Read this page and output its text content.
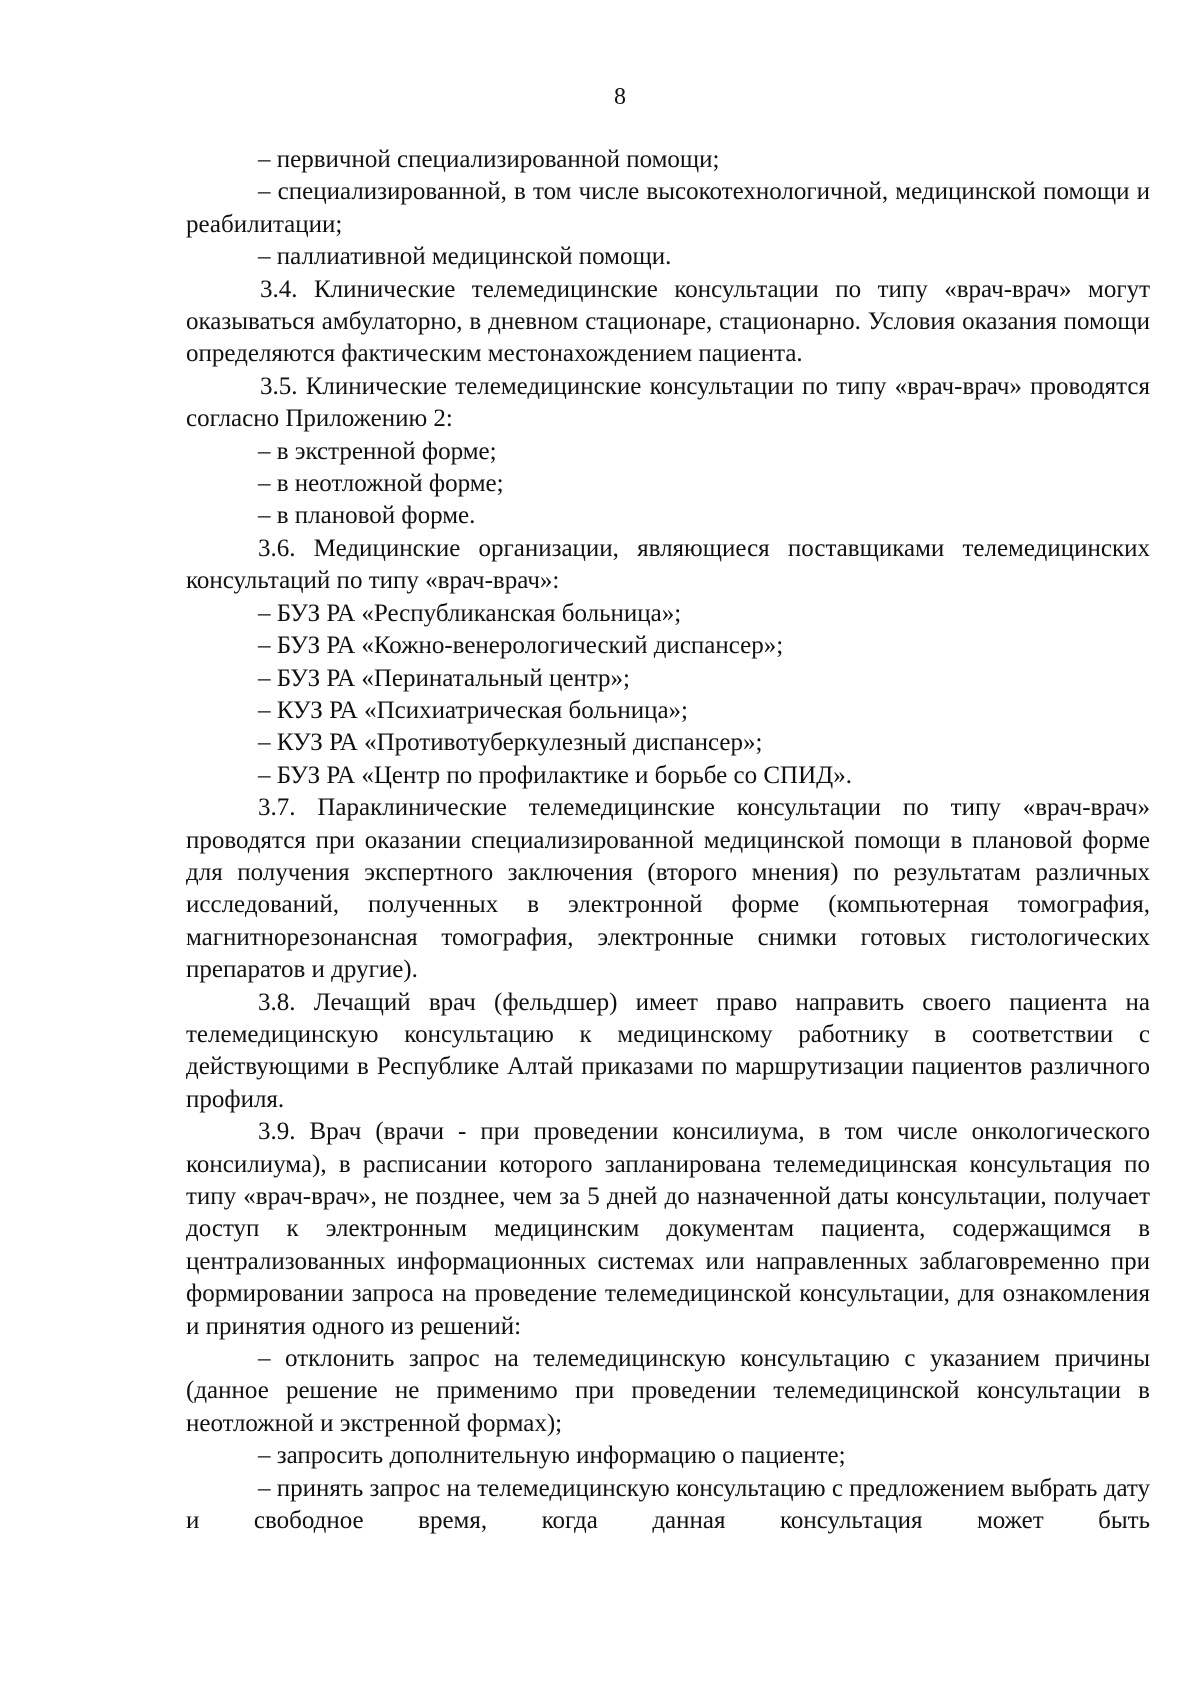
8

– первичной специализированной помощи;

– специализированной, в том числе высокотехнологичной, медицинской помощи и реабилитации;

– паллиативной медицинской помощи.

3.4. Клинические телемедицинские консультации по типу «врач-врач» могут оказываться амбулаторно, в дневном стационаре, стационарно. Условия оказания помощи определяются фактическим местонахождением пациента.

3.5. Клинические телемедицинские консультации по типу «врач-врач» проводятся согласно Приложению 2:

– в экстренной форме;

– в неотложной форме;

– в плановой форме.

3.6. Медицинские организации, являющиеся поставщиками телемедицинских консультаций по типу «врач-врач»:

– БУЗ РА «Республиканская больница»;

– БУЗ РА «Кожно-венерологический диспансер»;

– БУЗ РА «Перинатальный центр»;

– КУЗ РА «Психиатрическая больница»;

– КУЗ РА «Противотуберкулезный диспансер»;

– БУЗ РА «Центр по профилактике и борьбе со СПИД».

3.7. Параклинические телемедицинские консультации по типу «врач-врач» проводятся при оказании специализированной медицинской помощи в плановой форме для получения экспертного заключения (второго мнения) по результатам различных исследований, полученных в электронной форме (компьютерная томография, магнитнорезонансная томография, электронные снимки готовых гистологических препаратов и другие).

3.8. Лечащий врач (фельдшер) имеет право направить своего пациента на телемедицинскую консультацию к медицинскому работнику в соответствии с действующими в Республике Алтай приказами по маршрутизации пациентов различного профиля.

3.9. Врач (врачи - при проведении консилиума, в том числе онкологического консилиума), в расписании которого запланирована телемедицинская консультация по типу «врач-врач», не позднее, чем за 5 дней до назначенной даты консультации, получает доступ к электронным медицинским документам пациента, содержащимся в централизованных информационных системах или направленных заблаговременно при формировании запроса на проведение телемедицинской консультации, для ознакомления и принятия одного из решений:

– отклонить запрос на телемедицинскую консультацию с указанием причины (данное решение не применимо при проведении телемедицинской консультации в неотложной и экстренной формах);

– запросить дополнительную информацию о пациенте;

– принять запрос на телемедицинскую консультацию с предложением выбрать дату и свободное время, когда данная консультация может быть
